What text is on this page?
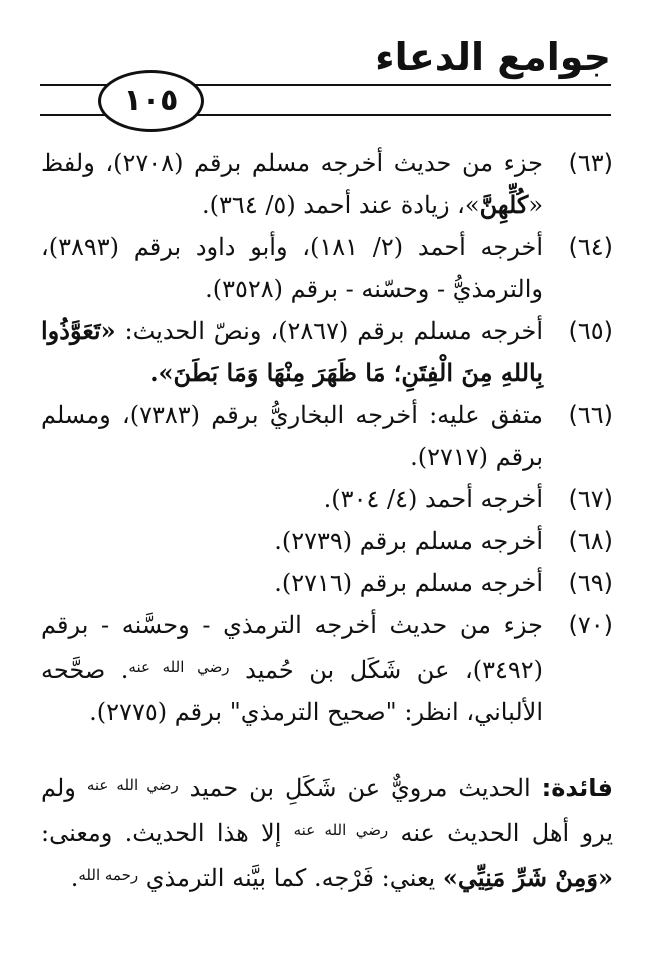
جوامع الدعاء
١٠٥
(٦٣)
جزء من حديث أخرجه مسلم برقم (٢٧٠٨)، ولفظ «كُلِّهِنَّ»، زيادة عند أحمد (٥/ ٣٦٤).
(٦٤)
أخرجه أحمد (٢/ ١٨١)، وأبو داود برقم (٣٨٩٣)، والترمذيُّ - وحسّنه - برقم (٣٥٢٨).
(٦٥)
أخرجه مسلم برقم (٢٨٦٧)، ونصّ الحديث: «تَعَوَّذُوا بِاللهِ مِنَ الْفِتَنِ؛ مَا ظَهَرَ مِنْهَا وَمَا بَطَنَ».
(٦٦)
متفق عليه: أخرجه البخاريُّ برقم (٧٣٨٣)، ومسلم برقم (٢٧١٧).
(٦٧)
أخرجه أحمد (٤/ ٣٠٤).
(٦٨)
أخرجه مسلم برقم (٢٧٣٩).
(٦٩)
أخرجه مسلم برقم (٢٧١٦).
(٧٠)
جزء من حديث أخرجه الترمذي - وحسَّنه - برقم (٣٤٩٢)، عن شَكَل بن حُميد $^{رضي الله عنه}$. صحَّحه الألباني، انظر: "صحيح الترمذي" برقم (٢٧٧٥).
فائدة: الحديث مرويٌّ عن شَكَلِ بن حميد $^{رضي الله عنه}$ ولم يرو أهل الحديث عنه $^{رضي الله عنه}$ إلا هذا الحديث. ومعنى: «وَمِنْ شَرِّ مَنِيِّي» يعني: فَرْجه. كما بيَّنه الترمذي $^{رحمه الله}$.
